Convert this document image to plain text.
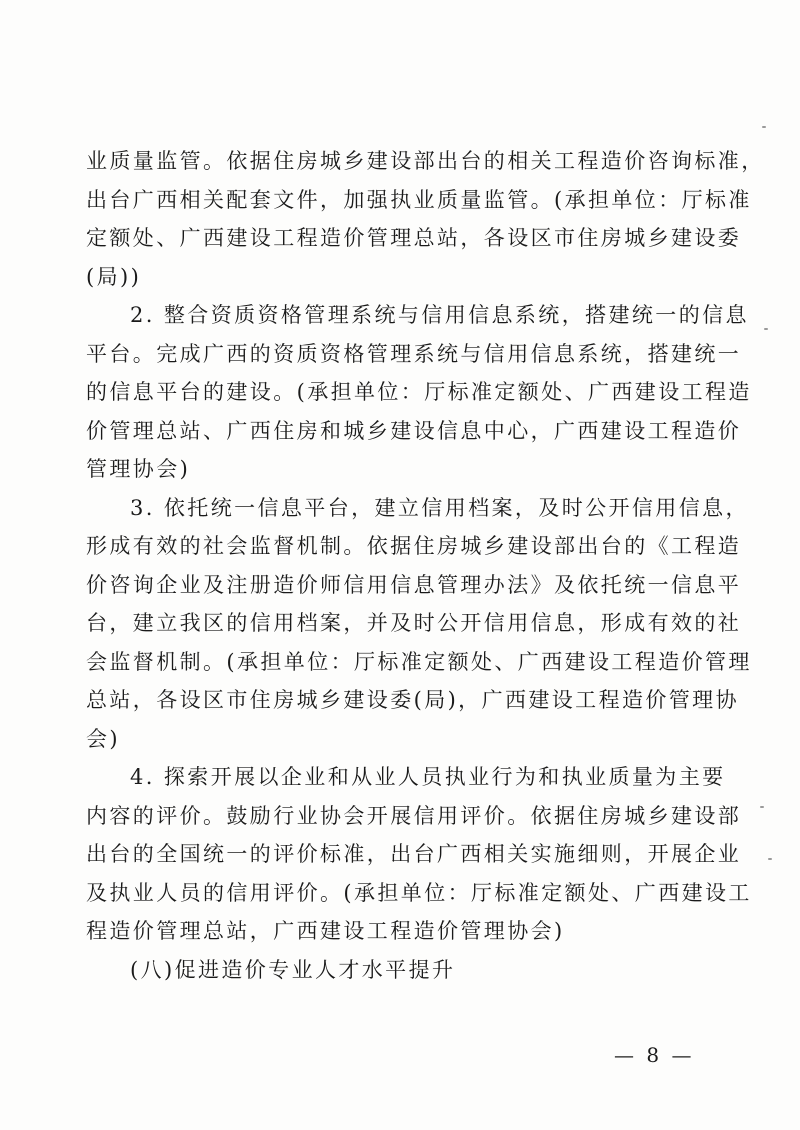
业质量监管。依据住房城乡建设部出台的相关工程造价咨询标准，
出台广西相关配套文件，加强执业质量监管。(承担单位：厅标准
定额处、广西建设工程造价管理总站，各设区市住房城乡建设委
(局))

2. 整合资质资格管理系统与信用信息系统，搭建统一的信息
平台。完成广西的资质资格管理系统与信用信息系统，搭建统一
的信息平台的建设。(承担单位：厅标准定额处、广西建设工程造
价管理总站、广西住房和城乡建设信息中心，广西建设工程造价
管理协会)

3. 依托统一信息平台，建立信用档案，及时公开信用信息，
形成有效的社会监督机制。依据住房城乡建设部出台的《工程造
价咨询企业及注册造价师信用信息管理办法》及依托统一信息平
台，建立我区的信用档案，并及时公开信用信息，形成有效的社
会监督机制。(承担单位：厅标准定额处、广西建设工程造价管理
总站，各设区市住房城乡建设委(局)，广西建设工程造价管理协
会)

4. 探索开展以企业和从业人员执业行为和执业质量为主要
内容的评价。鼓励行业协会开展信用评价。依据住房城乡建设部
出台的全国统一的评价标准，出台广西相关实施细则，开展企业
及执业人员的信用评价。(承担单位：厅标准定额处、广西建设工
程造价管理总站，广西建设工程造价管理协会)

(八)促进造价专业人才水平提升

— 8 —
